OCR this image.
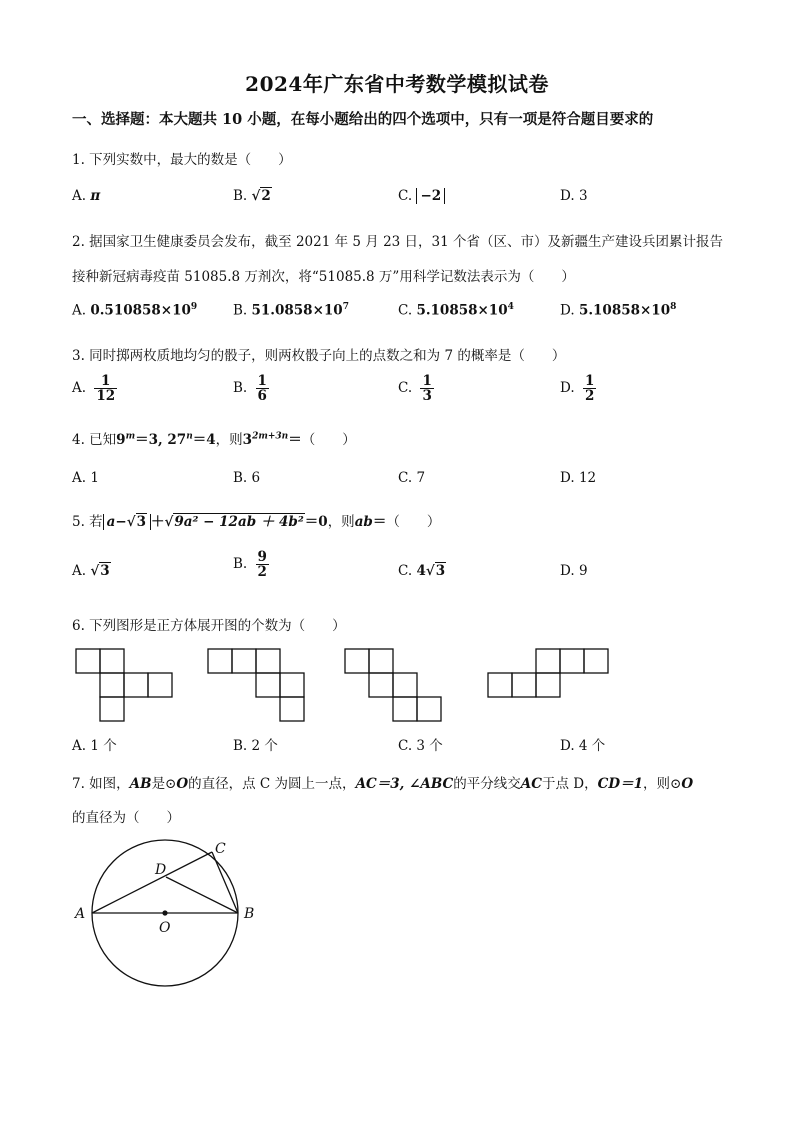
2024年广东省中考数学模拟试卷
一、选择题：本大题共 10 小题，在每小题给出的四个选项中，只有一项是符合题目要求的
1. 下列实数中，最大的数是（　　）
A. π	B. √2	C. −2	D. 3
2. 据国家卫生健康委员会发布，截至 2021 年 5 月 23 日，31 个省（区、市）及新疆生产建设兵团累计报告
接种新冠病毒疫苗 51085.8 万剂次，将“51085.8 万”用科学记数法表示为（　　）
A. $0.510858\times 10^9$	B. $51.0858\times 10^7$	C. $5.10858\times 10^4$	D. $5.10858\times 10^8$
3. 同时掷两枚质地均匀的骰子，则两枚骰子向上的点数之和为 7 的概率是（　　）
A. $\frac{1}{12}$	B. $\frac{1}{6}$	C. $\frac{1}{3}$	D. $\frac{1}{2}$
4. 已知$9^m=3$, $27^n=4$，则$3^{2m+3n}=$（　　）
A. 1	B. 6	C. 7	D. 12
5. 若 a−√3 ＋√9a² − 12ab ＋ 4b²＝0，则ab＝（　　）
A. √3	B. $\frac{9}{2}$	C. 4√3	D. 9
6. 下列图形是正方体展开图的个数为（　　）
A. 1 个	B. 2 个	C. 3 个	D. 4 个
7. 如图，AB是⊙O的直径，点 C 为圆上一点，AC＝3, ∠ABC的平分线交AC于点 D，CD＝1，则⊙O
的直径为（　　）
A	B
C
D
O
